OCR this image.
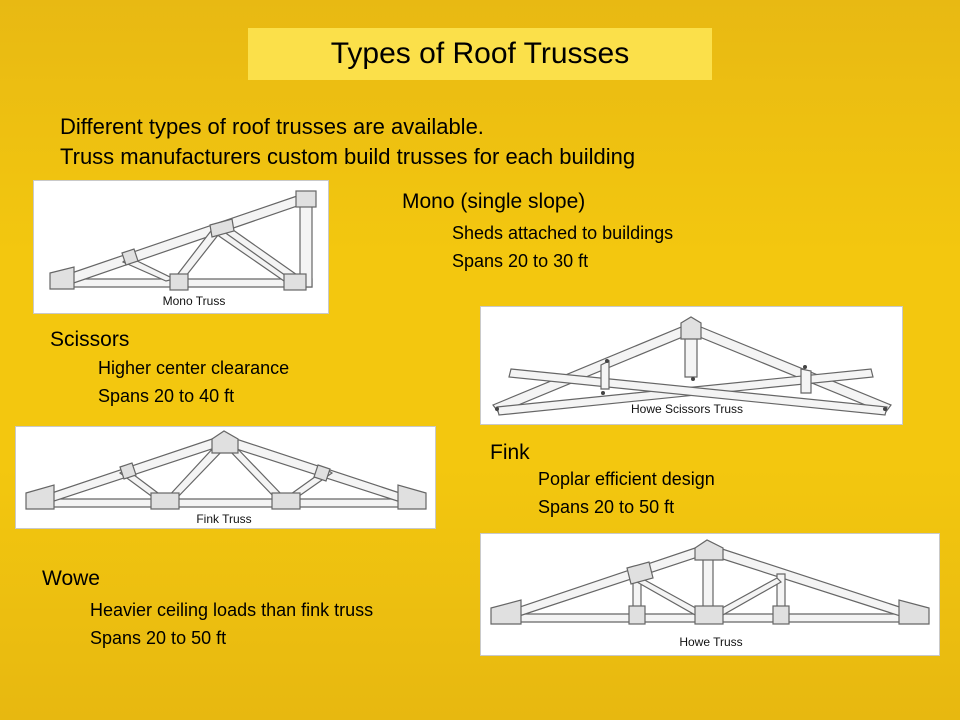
Types of Roof Trusses
Different types of roof trusses are available.
Truss manufacturers custom build trusses for each building
Mono Truss
Mono (single slope)
Sheds attached to buildings
Spans 20 to 30 ft
Scissors
Higher center clearance
Spans 20 to 40 ft
Howe Scissors Truss
Fink Truss
Fink
Poplar efficient design
Spans 20 to 50 ft
Wowe
Heavier ceiling loads than fink truss
Spans 20 to 50 ft	Howe Truss
